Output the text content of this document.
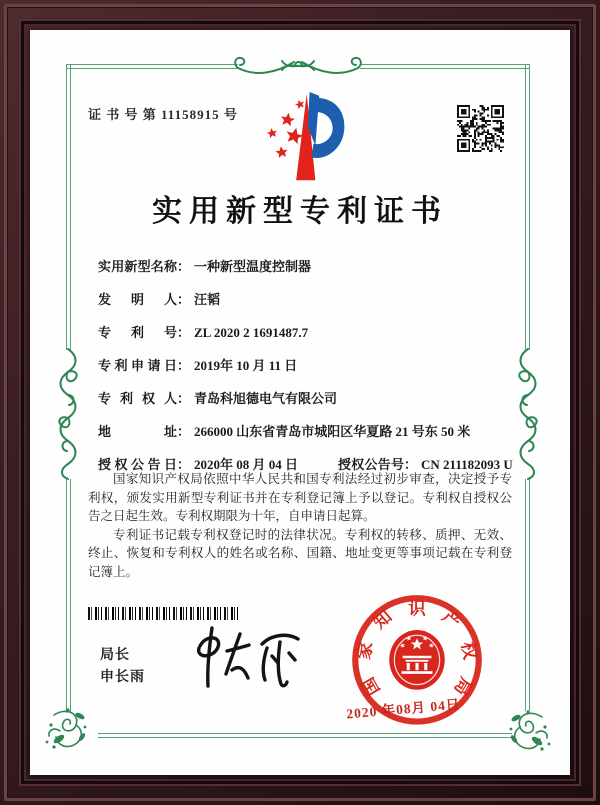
证 书 号 第 11158915 号
实用新型专利证书
实用新型名称： 一种新型温度控制器
发明人： 汪韬
专利号： ZL 2020 2 1691487.7
专利申请日： 2019年 10 月 11 日
专利权人： 青岛科旭德电气有限公司
地址： 266000 山东省青岛市城阳区华夏路 21 号东 50 米
授权公告日： 2020年 08 月 04 日	授权公告号： CN 211182093 U

国家知识产权局依照中华人民共和国专利法经过初步审查，决定授予专利权，颁发实用新型专利证书并在专利登记簿上予以登记。专利权自授权公告之日起生效。专利权期限为十年，自申请日起算。

专利证书记载专利权登记时的法律状况。专利权的转移、质押、无效、终止、恢复和专利权人的姓名或名称、国籍、地址变更等事项记载在专利登记簿上。

局长
申长雨	国
家
知 识 产
权
局
2020 年08月 04日
